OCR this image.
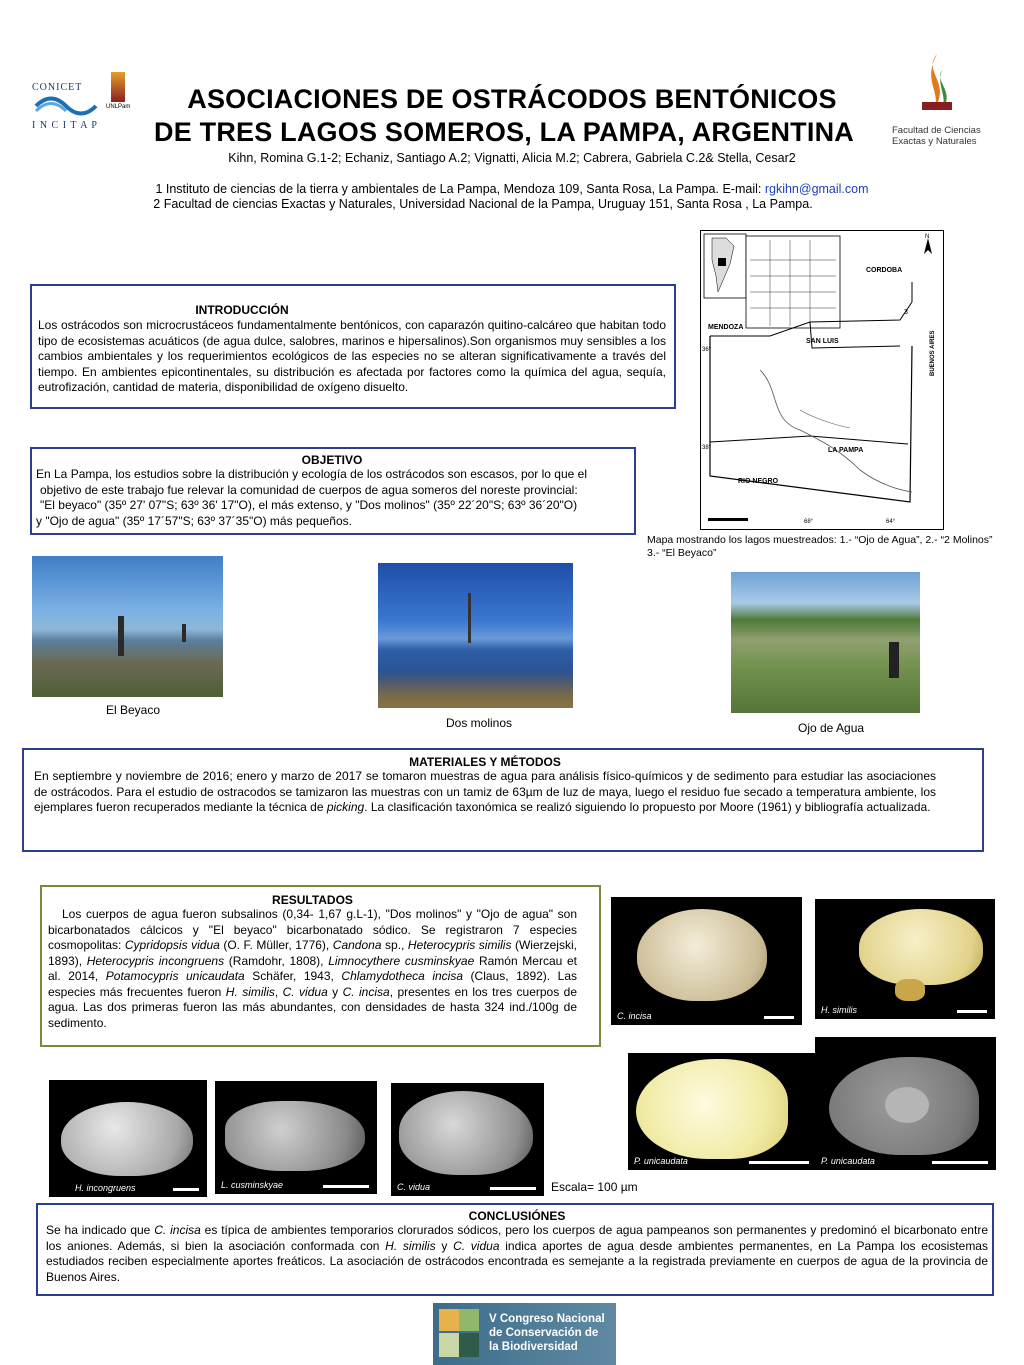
CONICET
I N C I T A P
UNLPam	ASOCIACIONES DE OSTRÁCODOS BENTÓNICOS
DE TRES LAGOS SOMEROS, LA PAMPA, ARGENTINA
Kihn, Romina G.1-2; Echaniz, Santiago A.2; Vignatti, Alicia M.2; Cabrera, Gabriela C.2& Stella, Cesar2
1 Instituto de ciencias de la tierra y ambientales de La Pampa, Mendoza 109, Santa Rosa, La Pampa. E-mail: rgkihn@gmail.com
2 Facultad de ciencias Exactas y Naturales, Universidad Nacional de la Pampa, Uruguay 151, Santa Rosa , La Pampa.
Facultad de Ciencias
Exactas y Naturales
INTRODUCCIÓN

Los ostrácodos son microcrustáceos fundamentalmente bentónicos, con caparazón quitino-calcáreo que habitan todo tipo de ecosistemas acuáticos (de agua dulce, salobres, marinos e hipersalinos).Son organismos muy sensibles a los cambios ambientales y los requerimientos ecológicos de las especies no se alteran significativamente a través del tiempo. En ambientes epicontinentales, su distribución es afectada por factores como la química del agua, sequía, eutrofización, cantidad de materia, disponibilidad de oxígeno disuelto.

OBJETIVO
En La Pampa, los estudios sobre la distribución y ecología de los ostrácodos son escasos, por lo que el
objetivo de este trabajo fue relevar la comunidad de cuerpos de agua someros del noreste provincial:
"El beyaco" (35º 27' 07"S; 63º 36' 17"O), el más extenso, y "Dos molinos" (35º 22´20"S; 63º 36´20"O)
y "Ojo de agua" (35º 17´57"S; 63º 37´35"O) más pequeños.
N
CORDOBA
MENDOZA
SAN LUIS	BUENOS AIRES
LA PAMPA
RIO NEGRO
36°
38°
68°	64°
3
Mapa mostrando los lagos muestreados: 1.- “Ojo de Agua”, 2.- “2 Molinos”
3.- “El Beyaco”
El Beyaco
Dos molinos	Ojo de Agua
MATERIALES Y MÉTODOS

En septiembre y noviembre de 2016; enero y marzo de 2017 se tomaron muestras de agua para análisis físico-químicos y de sedimento para estudiar las asociaciones de ostrácodos. Para el estudio de ostracodos se tamizaron las muestras con un tamiz de 63µm de luz de maya, luego el residuo fue secado a temperatura ambiente, los ejemplares fueron recuperados mediante la técnica de picking. La clasificación taxonómica se realizó siguiendo lo propuesto por Moore (1961) y bibliografía actualizada.

RESULTADOS

Los cuerpos de agua fueron subsalinos (0,34- 1,67 g.L-1), "Dos molinos" y "Ojo de agua" son bicarbonatados cálcicos y "El beyaco" bicarbonatado sódico. Se registraron 7 especies cosmopolitas: Cypridopsis vidua (O. F. Müller, 1776), Candona sp., Heterocypris similis (Wierzejski, 1893), Heterocypris incongruens (Ramdohr, 1808), Limnocythere cusminskyae Ramón Mercau et al. 2014, Potamocypris unicaudata Schäfer, 1943, Chlamydotheca incisa (Claus, 1892). Las especies más frecuentes fueron H. similis, C. vidua y C. incisa, presentes en los tres cuerpos de agua. Las dos primeras fueron las más abundantes, con densidades de hasta 324 ind./100g de sedimento.	C. incisa
H. similis
P. unicaudata	P. unicaudata
H. incongruens	L. cusminskyae	C. vidua	Escala= 100 µm
CONCLUSIÓNES

Se ha indicado que C. incisa es típica de ambientes temporarios clorurados sódicos, pero los cuerpos de agua pampeanos son permanentes y predominó el bicarbonato entre los aniones. Además, si bien la asociación conformada con H. similis y C. vidua indica aportes de agua desde ambientes permanentes, en La Pampa los ecosistemas estudiados reciben especialmente aportes freáticos. La asociación de ostrácodos encontrada es semejante a la registrada previamente en cuerpos de agua de la provincia de Buenos Aires.

V Congreso Nacional
de Conservación de
la Biodiversidad
